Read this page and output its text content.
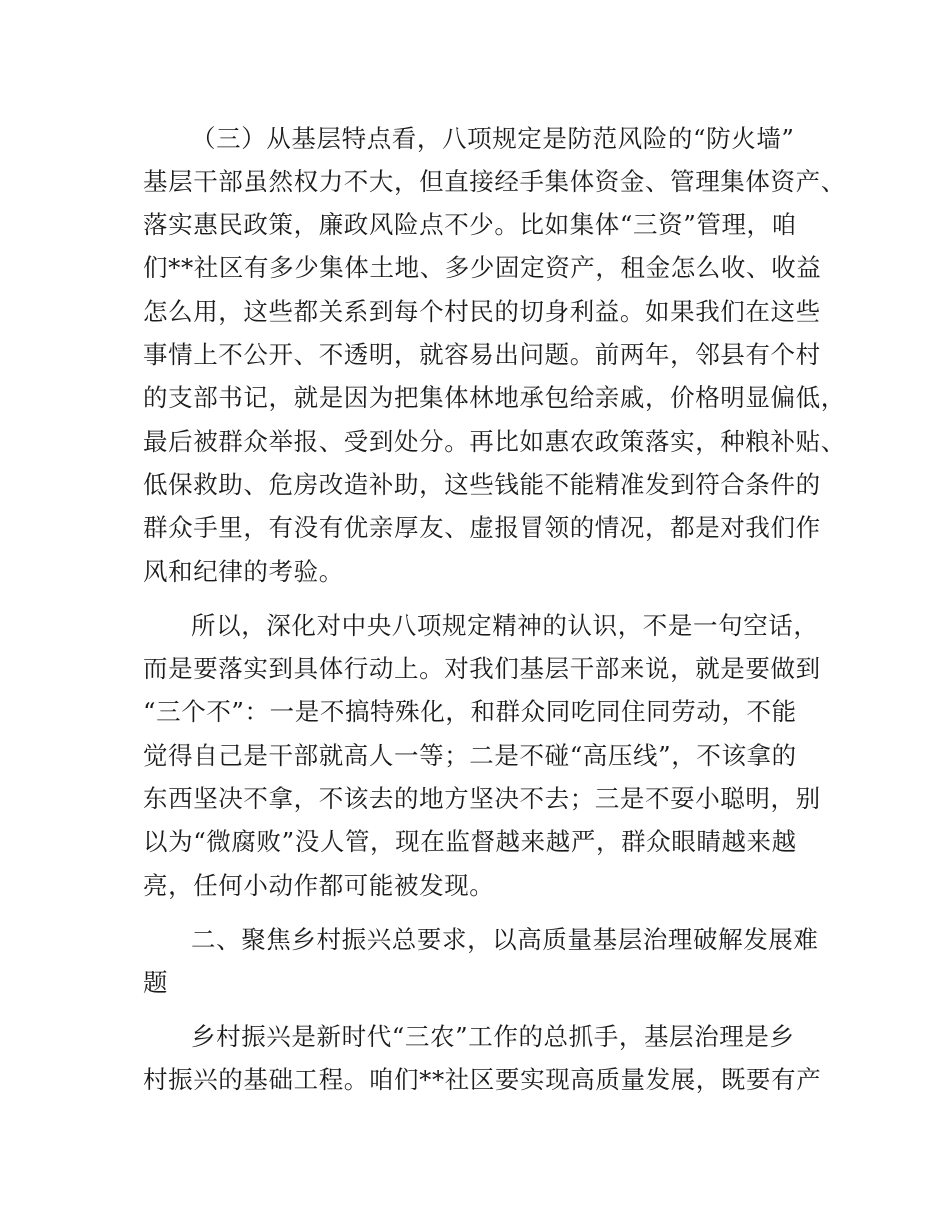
（三）从基层特点看，八项规定是防范风险的“防火墙”
基层干部虽然权力不大，但直接经手集体资金、管理集体资产、
落实惠民政策，廉政风险点不少。比如集体“三资”管理，咱
们**社区有多少集体土地、多少固定资产，租金怎么收、收益
怎么用，这些都关系到每个村民的切身利益。如果我们在这些
事情上不公开、不透明，就容易出问题。前两年，邻县有个村
的支部书记，就是因为把集体林地承包给亲戚，价格明显偏低，
最后被群众举报、受到处分。再比如惠农政策落实，种粮补贴、
低保救助、危房改造补助，这些钱能不能精准发到符合条件的
群众手里，有没有优亲厚友、虚报冒领的情况，都是对我们作
风和纪律的考验。
所以，深化对中央八项规定精神的认识，不是一句空话，
而是要落实到具体行动上。对我们基层干部来说，就是要做到
“三个不”：一是不搞特殊化，和群众同吃同住同劳动，不能
觉得自己是干部就高人一等；二是不碰“高压线”，不该拿的
东西坚决不拿，不该去的地方坚决不去；三是不耍小聪明，别
以为“微腐败”没人管，现在监督越来越严，群众眼睛越来越
亮，任何小动作都可能被发现。
二、聚焦乡村振兴总要求，以高质量基层治理破解发展难
题
乡村振兴是新时代“三农”工作的总抓手，基层治理是乡
村振兴的基础工程。咱们**社区要实现高质量发展，既要有产
